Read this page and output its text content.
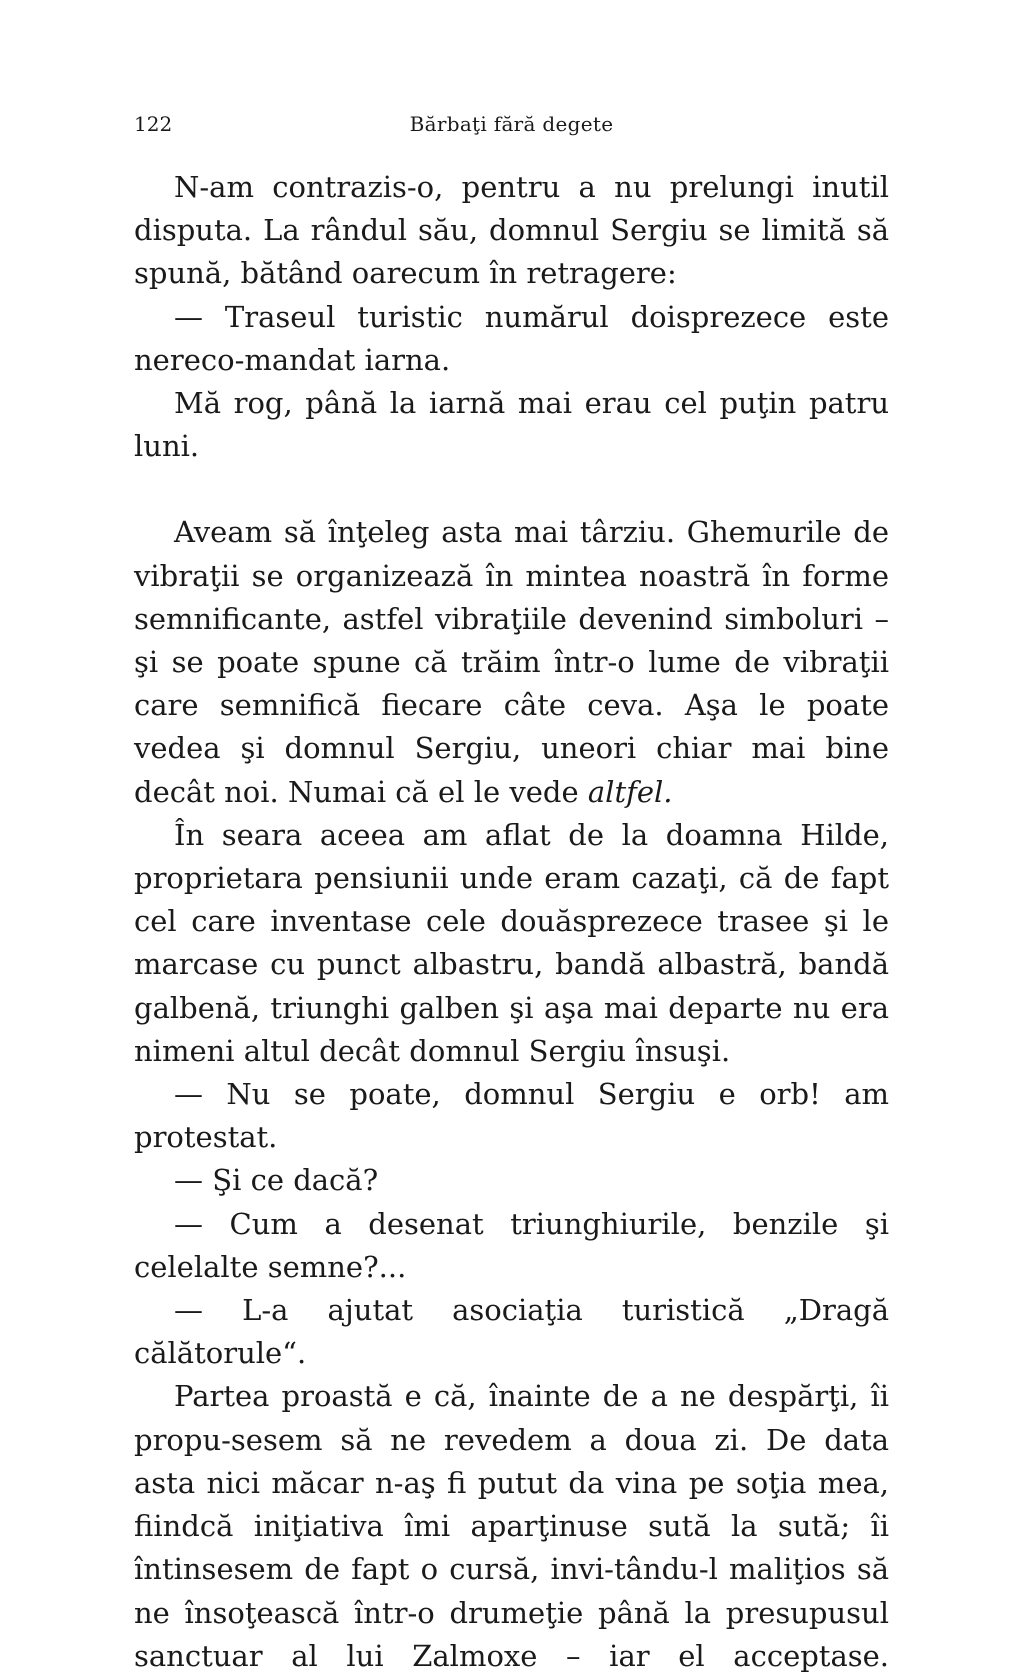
122	Bărbaţi fără degete

N-am contrazis-o, pentru a nu prelungi inutil disputa. La rândul său, domnul Sergiu se limită să spună, bătând oarecum în retragere:

— Traseul turistic numărul doisprezece este nereco-mandat iarna.

Mă rog, până la iarnă mai erau cel puţin patru luni.

Aveam să înţeleg asta mai târziu. Ghemurile de vibraţii se organizează în mintea noastră în forme semnificante, astfel vibraţiile devenind simboluri – şi se poate spune că trăim într-o lume de vibraţii care semnifică fiecare câte ceva. Aşa le poate vedea şi domnul Sergiu, uneori chiar mai bine decât noi. Numai că el le vede altfel.

În seara aceea am aflat de la doamna Hilde, proprietara pensiunii unde eram cazaţi, că de fapt cel care inventase cele douăsprezece trasee şi le marcase cu punct albastru, bandă albastră, bandă galbenă, triunghi galben şi aşa mai departe nu era nimeni altul decât domnul Sergiu însuşi.

— Nu se poate, domnul Sergiu e orb! am protestat.

— Şi ce dacă?

— Cum a desenat triunghiurile, benzile şi celelalte semne?...

— L-a ajutat asociaţia turistică „Dragă călătorule“.

Partea proastă e că, înainte de a ne despărţi, îi propu-sesem să ne revedem a doua zi. De data asta nici măcar n-aş fi putut da vina pe soţia mea, fiindcă iniţiativa îmi aparţinuse sută la sută; îi întinsesem de fapt o cursă, invi-tându-l maliţios să ne însoţească într-o drumeţie până la presupusul sanctuar al lui Zalmoxe – iar el acceptase.
